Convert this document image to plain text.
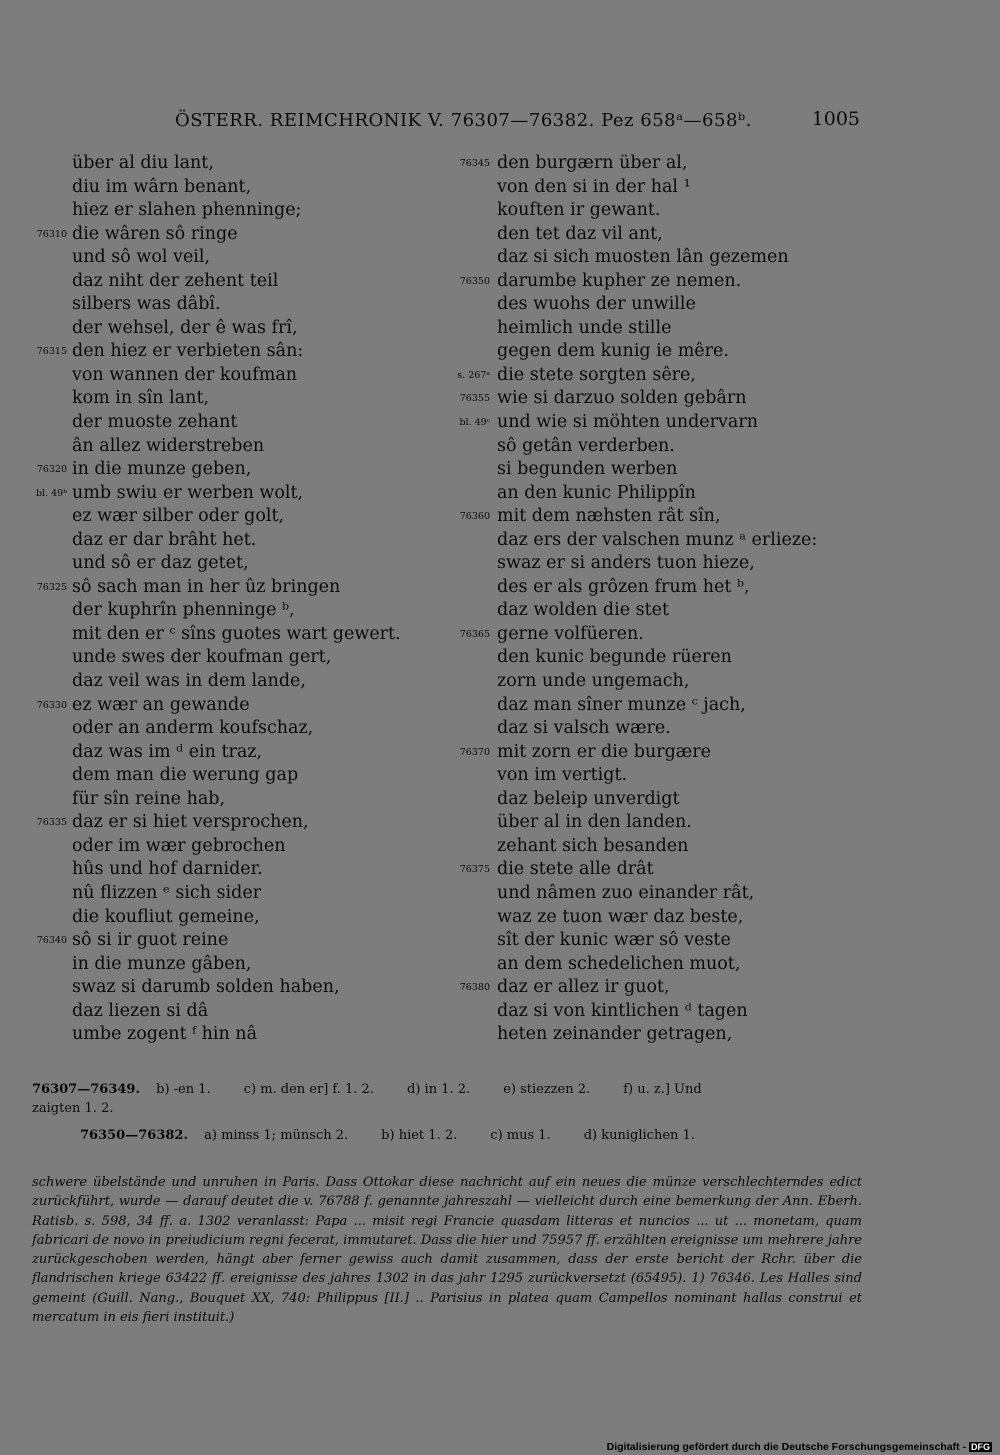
ÖSTERR. REIMCHRONIK V. 76307—76382. Pez 658ᵃ—658ᵇ.	1005
über al diu lant,
diu im wârn benant,
hiez er slahen phenninge;
76310 die wâren sô ringe
und sô wol veil,
daz niht der zehent teil
silbers was dâbî.
der wehsel, der ê was frî,
76315 den hiez er verbieten sân:
von wannen der koufman
kom in sîn lant,
der muoste zehant
ân allez widerstreben
76320 in die munze geben,
bl. 49ᵇ umb swiu er werben wolt,
ez wær silber oder golt,
daz er dar brâht het.
und sô er daz getet,
76325 sô sach man in her ûz bringen
der kuphrîn phenninge ᵇ,
mit den er ᶜ sîns guotes wart gewert.
unde swes der koufman gert,
daz veil was in dem lande,
76330 ez wær an gewande
oder an anderm koufschaz,
daz was im ᵈ ein traz,
dem man die werung gap
für sîn reine hab,
76335 daz er si hiet versprochen,
oder im wær gebrochen
hûs und hof darnider.
nû flizzen ᵉ sich sider
die koufliut gemeine,
76340 sô si ir guot reine
in die munze gâben,
swaz si darumb solden haben,
daz liezen si dâ
umbe zogent ᶠ hin nâ
76345 den burgærn über al,
von den si in der hal ¹
kouften ir gewant.
den tet daz vil ant,
daz si sich muosten lân gezemen
76350 darumbe kupher ze nemen.
des wuohs der unwille
heimlich unde stille
gegen dem kunig ie mêre.
s. 267ᵃ die stete sorgten sêre,
76355 wie si darzuo solden gebârn
bl. 49ᶜ und wie si möhten undervarn
sô getân verderben.
si begunden werben
an den kunic Philippîn
76360 mit dem næhsten rât sîn,
daz ers der valschen munz ᵃ erliezе:
swaz er si anders tuon hieze,
des er als grôzen frum het ᵇ,
daz wolden die stet
76365 gerne volfüeren.
den kunic begunde rüeren
zorn unde ungemach,
daz man sîner munze ᶜ jach,
daz si valsch wære.
76370 mit zorn er die burgære
von im vertigt.
daz beleip unverdigt
über al in den landen.
zehant sich besanden
76375 die stete alle drât
und nâmen zuo einander rât,
waz ze tuon wær daz beste,
sît der kunic wær sô veste
an dem schedelichen muot,
76380 daz er allez ir guot,
daz si von kintlichen ᵈ tagen
heten zeinander getragen,
76307—76349. b) -en 1.        c) m. den er] f. 1. 2.        d) in 1. 2.        e) stiezzen 2.        f) u. z.] Und
zaigten 1. 2.
76350—76382. a) minss 1; münsch 2.        b) hiet 1. 2.        c) mus 1.        d) kuniglichen 1.
schwere übelstände und unruhen in Paris. Dass Ottokar diese nachricht auf ein neues die münze verschlechterndes edict zurückführt, wurde — darauf deutet die v. 76788 f. genannte jahreszahl — vielleicht durch eine bemerkung der Ann. Eberh. Ratisb. s. 598, 34 ff. a. 1302 veranlasst: Papa ... misit regi Francie quasdam litteras et nuncios ... ut ... monetam, quam fabricari de novo in preiudicium regni fecerat, immutaret. Dass die hier und 75957 ff. erzählten ereignisse um mehrere jahre zurückgeschoben werden, hängt aber ferner gewiss auch damit zusammen, dass der erste bericht der Rchr. über die flandrischen kriege 63422 ff. ereignisse des jahres 1302 in das jahr 1295 zurückversetzt (65495). 1) 76346. Les Halles sind gemeint (Guill. Nang., Bouquet XX, 740: Philippus [II.] .. Parisius in platea quam Campellos nominant hallas construi et mercatum in eis fieri instituit.)
Digitalisierung gefördert durch die Deutsche Forschungsgemeinschaft - DFG
